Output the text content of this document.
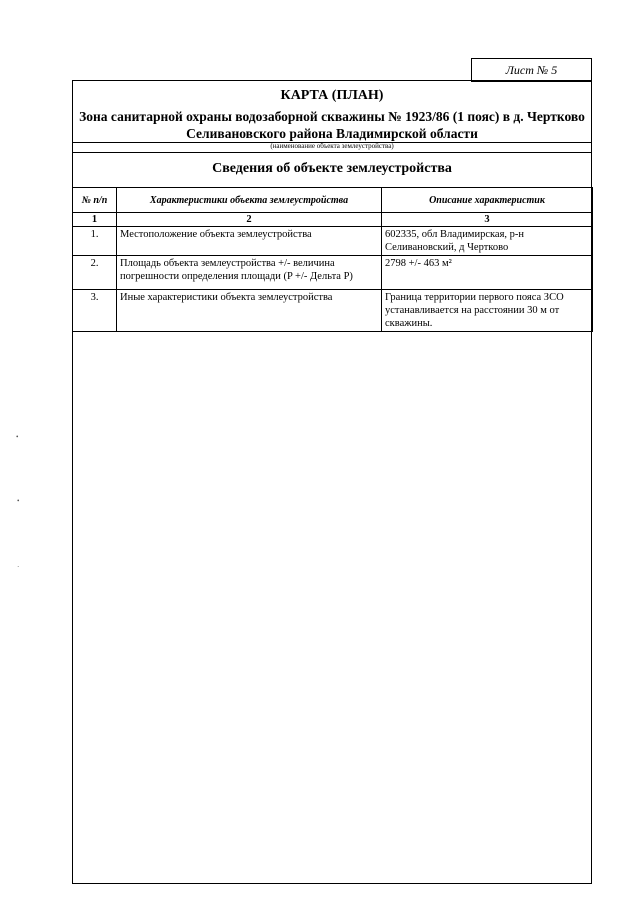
Лист № 5
КАРТА (ПЛАН)
Зона санитарной охраны водозаборной скважины № 1923/86 (1 пояс) в д. Чертково Селивановского района Владимирской области
(наименование объекта землеустройства)
Сведения об объекте землеустройства
№ п/п	Характеристики объекта землеустройства	Описание характеристик
1	2	3
1.	Местоположение объекта землеустройства	602335, обл Владимирская, р-н Селивановский, д Чертково
2.	Площадь объекта землеустройства +/- величина погрешности определения площади (P +/- Дельта P)	2798 +/- 463 м²
3.	Иные характеристики объекта землеустройства	Граница территории первого пояса ЗСО устанавливается на расстоянии 30 м от скважины.
•
•
·
